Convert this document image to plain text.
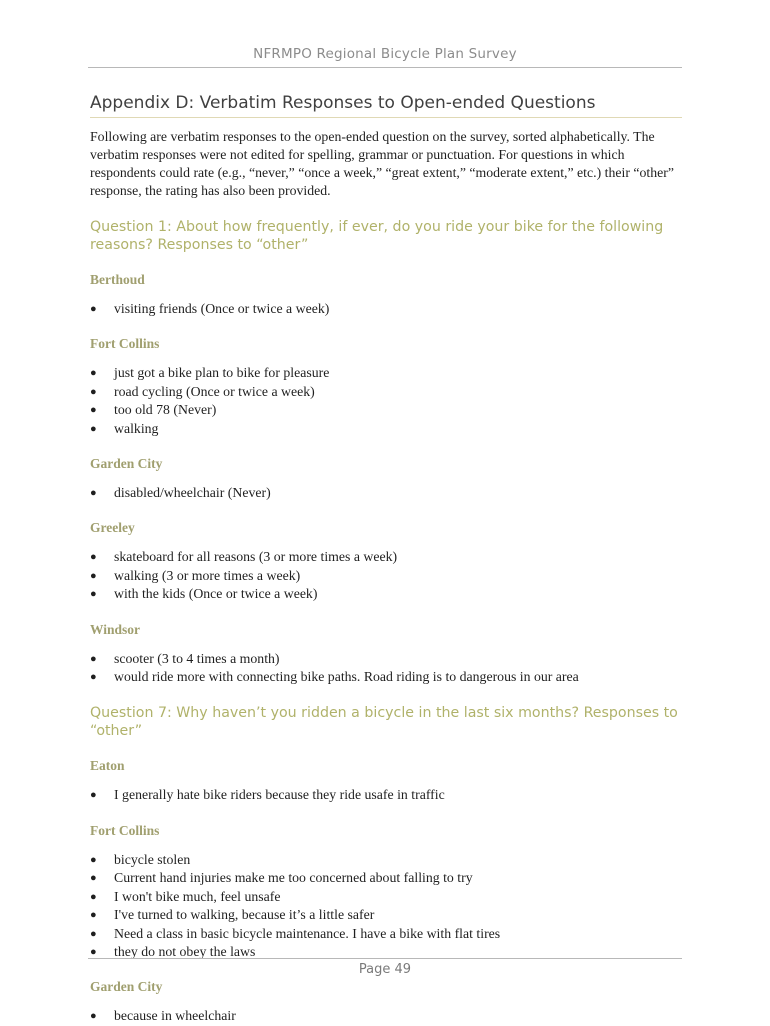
NFRMPO Regional Bicycle Plan Survey
Appendix D: Verbatim Responses to Open-ended Questions

Following are verbatim responses to the open-ended question on the survey, sorted alphabetically. The verbatim responses were not edited for spelling, grammar or punctuation. For questions in which respondents could rate (e.g., “never,” “once a week,” “great extent,” “moderate extent,” etc.) their “other” response, the rating has also been provided.

Question 1: About how frequently, if ever, do you ride your bike for the following reasons? Responses to “other”
Berthoud
● visiting friends (Once or twice a week)
Fort Collins
● just got a bike plan to bike for pleasure
● road cycling (Once or twice a week)
● too old 78 (Never)
● walking
Garden City
● disabled/wheelchair (Never)
Greeley
● skateboard for all reasons (3 or more times a week)
● walking (3 or more times a week)
● with the kids (Once or twice a week)
Windsor
● scooter (3 to 4 times a month)
● would ride more with connecting bike paths. Road riding is to dangerous in our area
Question 7: Why haven’t you ridden a bicycle in the last six months? Responses to “other”
Eaton
● I generally hate bike riders because they ride usafe in traffic
Fort Collins
● bicycle stolen
● Current hand injuries make me too concerned about falling to try
● I won't bike much, feel unsafe
● I've turned to walking, because it’s a little safer
● Need a class in basic bicycle maintenance. I have a bike with flat tires
● they do not obey the laws
Garden City
● because in wheelchair
Page 49
